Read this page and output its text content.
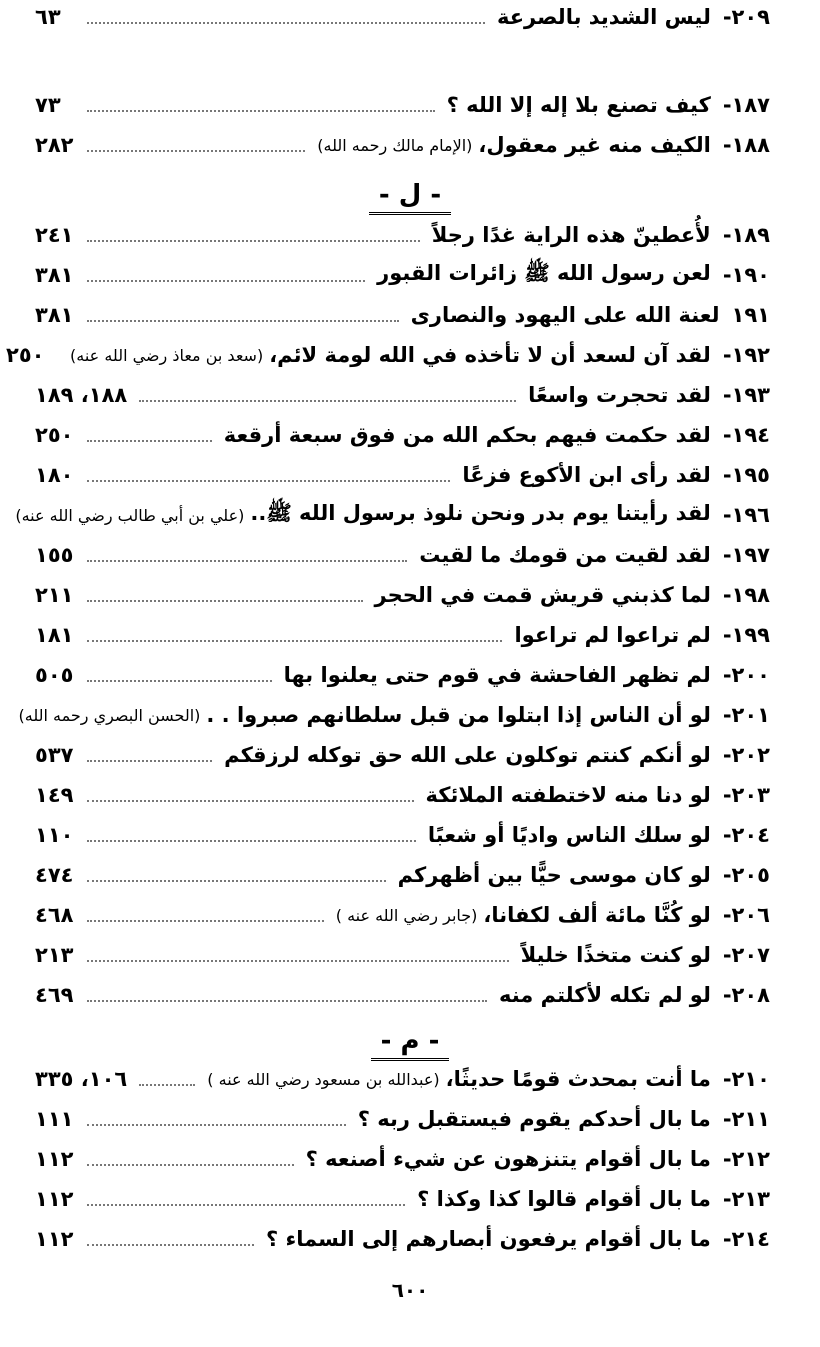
١٨٧-
كيف تصنع بلا إله إلا الله ؟
٧٣
١٨٨-
الكيف منه غير معقول،
(الإمام مالك رحمه الله)
٢٨٢
- ل -
١٨٩-
لأُعطينّ هذه الراية غدًا رجلاً
٢٤١
١٩٠-
لعن رسول الله ﷺ زائرات القبور
٣٨١
١٩١
لعنة الله على اليهود والنصارى
٣٨١
١٩٢-
لقد آن لسعد أن لا تأخذه في الله لومة لائم،
(سعد بن معاذ رضي الله عنه)
٢٥٠
١٩٣-
لقد تحجرت واسعًا
١٨٨، ١٨٩
١٩٤-
لقد حكمت فيهم بحكم الله من فوق سبعة أرقعة
٢٥٠
١٩٥-
لقد رأى ابن الأكوع فزعًا
١٨٠
١٩٦-
لقد رأيتنا يوم بدر ونحن نلوذ برسول الله ﷺ..
(علي بن أبي طالب رضي الله عنه)
١٩٧-
لقد لقيت من قومك ما لقيت
١٥٥
١٩٨-
لما كذبني قريش قمت في الحجر
٢١١
١٩٩-
لم تراعوا لم تراعوا
١٨١
٢٠٠-
لم تظهر الفاحشة في قوم حتى يعلنوا بها
٥٠٥
٢٠١-
لو أن الناس إذا ابتلوا من قبل سلطانهم صبروا . .
(الحسن البصري رحمه الله)
٢٠٢-
لو أنكم كنتم توكلون على الله حق توكله لرزقكم
٥٣٧
٢٠٣-
لو دنا منه لاختطفته الملائكة
١٤٩
٢٠٤-
لو سلك الناس واديًا أو شعبًا
١١٠
٢٠٥-
لو كان موسى حيًّا بين أظهركم
٤٧٤
٢٠٦-
لو كُنَّا مائة ألف لكفانا،
(جابر رضي الله عنه )
٤٦٨
٢٠٧-
لو كنت متخذًا خليلاً
٢١٣
٢٠٨-
لو لم تكله لأكلتم منه
٤٦٩
٢٠٩-
ليس الشديد بالصرعة
٦٣
- م -
٢١٠-
ما أنت بمحدث قومًا حديثًا،
(عبدالله بن مسعود رضي الله عنه )
١٠٦، ٣٣٥
٢١١-
ما بال أحدكم يقوم فيستقبل ربه ؟
١١١
٢١٢-
ما بال أقوام يتنزهون عن شيء أصنعه ؟
١١٢
٢١٣-
ما بال أقوام قالوا كذا وكذا ؟
١١٢
٢١٤-
ما بال أقوام يرفعون أبصارهم إلى السماء ؟
١١٢
٦٠٠
